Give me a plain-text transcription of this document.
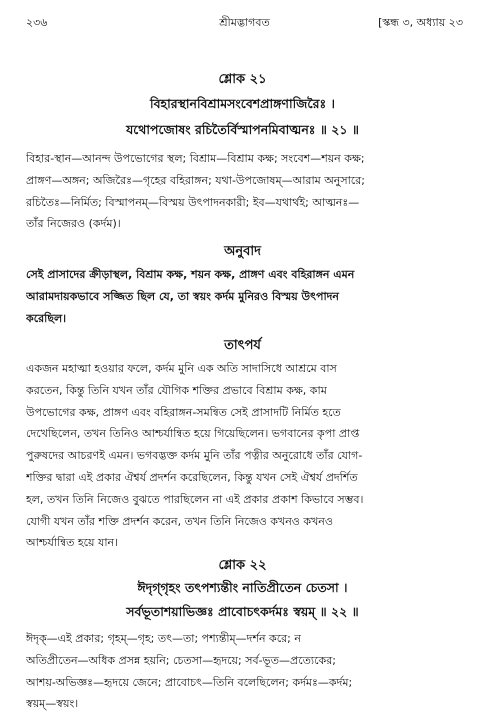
২৩৬	শ্রীমদ্ভাগবত	[স্কন্ধ ৩, অধ্যায় ২৩
শ্লোক ২১
বিহারস্থানবিশ্রামসংবেশপ্রাঙ্গণাজিরৈঃ ।
যথোপজোষং রচিতৈর্বিস্মাপনমিবাত্মনঃ ॥ ২১ ॥
বিহার-স্থান—আনন্দ উপভোগের স্থল; বিশ্রাম—বিশ্রাম কক্ষ; সংবেশ—শয়ন কক্ষ;
প্রাঙ্গণ—অঙ্গন; অজিরৈঃ—গৃহের বহিরাঙ্গন; যথা-উপজোষম্—আরাম অনুসারে;
রচিতৈঃ—নির্মিত; বিস্মাপনম্—বিস্ময় উৎপাদনকারী; ইব—যথার্থই; আত্মনঃ—
তাঁর নিজেরও (কর্দম)।
অনুবাদ
সেই প্রাসাদের ক্রীড়াস্থল, বিশ্রাম কক্ষ, শয়ন কক্ষ, প্রাঙ্গণ এবং বহিরাঙ্গন এমন
আরামদায়কভাবে সজ্জিত ছিল যে, তা স্বয়ং কর্দম মুনিরও বিস্ময় উৎপাদন
করেছিল।
তাৎপর্য
একজন মহাত্মা হওয়ার ফলে, কর্দম মুনি এক অতি সাদাসিধে আশ্রমে বাস
করতেন, কিন্তু তিনি যখন তাঁর যৌগিক শক্তির প্রভাবে বিশ্রাম কক্ষ, কাম
উপভোগের কক্ষ, প্রাঙ্গণ এবং বহিরাঙ্গন-সমন্বিত সেই প্রাসাদটি নির্মিত হতে
দেখেছিলেন, তখন তিনিও আশ্চর্যান্বিত হয়ে গিয়েছিলেন। ভগবানের কৃপা প্রাপ্ত
পুরুষদের আচরণই এমন। ভগবদ্ভক্ত কর্দম মুনি তাঁর পত্নীর অনুরোধে তাঁর যোগ-
শক্তির দ্বারা এই প্রকার ঐশ্বর্য প্রদর্শন করেছিলেন, কিন্তু যখন সেই ঐশ্বর্য প্রদর্শিত
হল, তখন তিনি নিজেও বুঝতে পারছিলেন না এই প্রকার প্রকাশ কিভাবে সম্ভব।
যোগী যখন তাঁর শক্তি প্রদর্শন করেন, তখন তিনি নিজেও কখনও কখনও
আশ্চর্যান্বিত হয়ে যান।
শ্লোক ২২
ঈদৃগ্‌গৃহং তৎপশ্যন্তীং নাতিপ্রীতেন চেতসা ।
সর্বভূতাশয়াভিজ্ঞঃ প্রাবোচৎকর্দমঃ স্বয়ম্ ॥ ২২ ॥
ঈদৃক্—এই প্রকার; গৃহম্—গৃহ; তৎ—তা; পশ্যন্তীম্—দর্শন করে; ন
অতিপ্রীতেন—অধিক প্রসন্ন হয়নি; চেতসা—হৃদয়ে; সর্ব-ভূত—প্রত্যেকের;
আশয়-অভিজ্ঞঃ—হৃদয়ে জেনে; প্রাবোচৎ—তিনি বলেছিলেন; কর্দমঃ—কর্দম;
স্বয়ম্—স্বয়ং।
